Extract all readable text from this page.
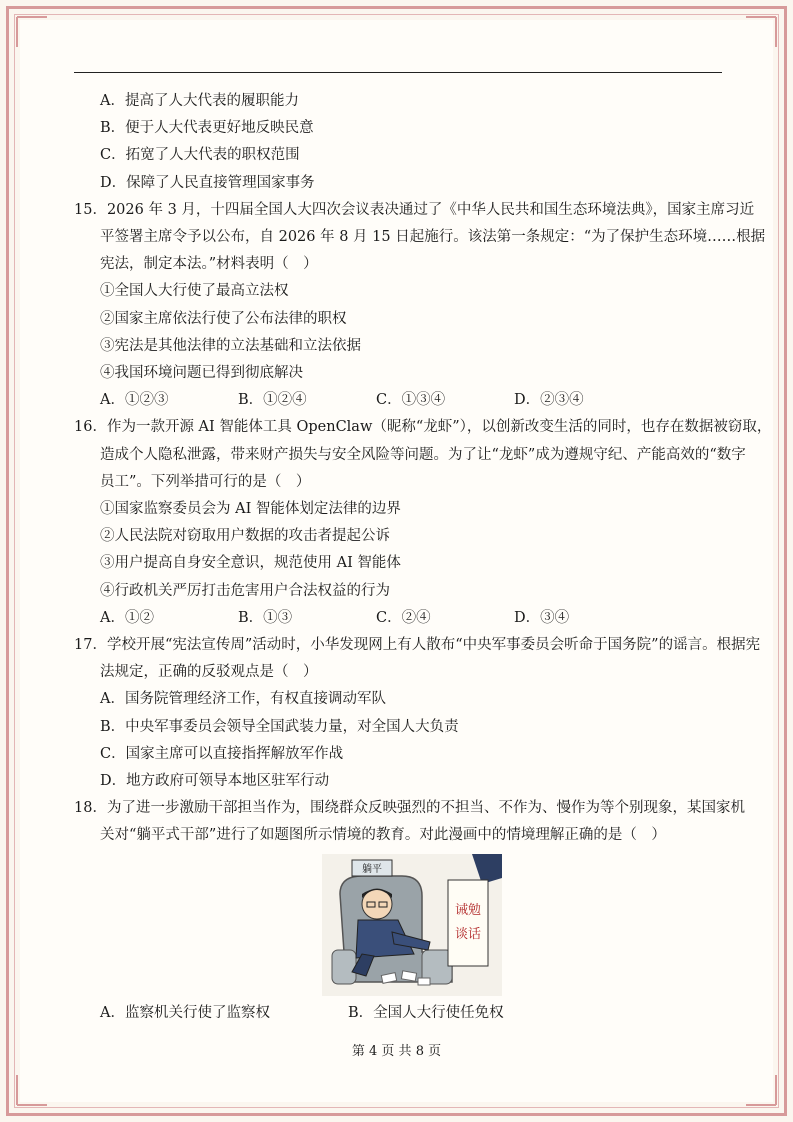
A．提高了人大代表的履职能力
B．便于人大代表更好地反映民意
C．拓宽了人大代表的职权范围
D．保障了人民直接管理国家事务
15．2026 年 3 月，十四届全国人大四次会议表决通过了《中华人民共和国生态环境法典》，国家主席习近
平签署主席令予以公布，自 2026 年 8 月 15 日起施行。该法第一条规定：“为了保护生态环境……根据
宪法，制定本法。”材料表明（　）
①全国人大行使了最高立法权
②国家主席依法行使了公布法律的职权
③宪法是其他法律的立法基础和立法依据
④我国环境问题已得到彻底解决
A．①②③	B．①②④	C．①③④	D．②③④
16．作为一款开源 AI 智能体工具 OpenClaw（昵称“龙虾”），以创新改变生活的同时，也存在数据被窃取，
造成个人隐私泄露，带来财产损失与安全风险等问题。为了让“龙虾”成为遵规守纪、产能高效的“数字
员工”。下列举措可行的是（　）
①国家监察委员会为 AI 智能体划定法律的边界
②人民法院对窃取用户数据的攻击者提起公诉
③用户提高自身安全意识，规范使用 AI 智能体
④行政机关严厉打击危害用户合法权益的行为
A．①②	B．①③	C．②④	D．③④
17．学校开展“宪法宣传周”活动时，小华发现网上有人散布“中央军事委员会听命于国务院”的谣言。根据宪
法规定，正确的反驳观点是（　）
A．国务院管理经济工作，有权直接调动军队
B．中央军事委员会领导全国武装力量，对全国人大负责
C．国家主席可以直接指挥解放军作战
D．地方政府可领导本地区驻军行动
18．为了进一步激励干部担当作为，围绕群众反映强烈的不担当、不作为、慢作为等个别现象，某国家机
关对“躺平式干部”进行了如题图所示情境的教育。对此漫画中的情境理解正确的是（　）
躺平
诫勉
谈话
A．监察机关行使了监察权	B．全国人大行使任免权
第 4 页 共 8 页
